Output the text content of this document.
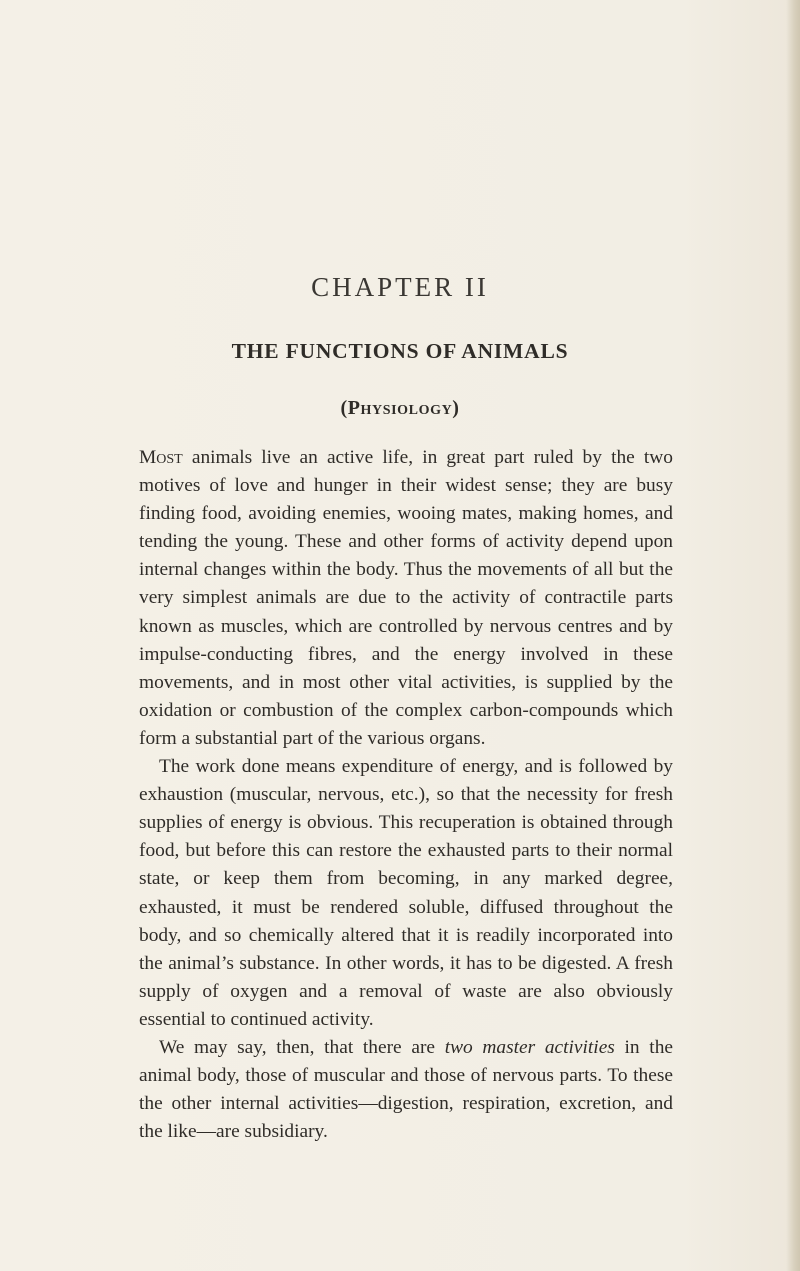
CHAPTER II
THE FUNCTIONS OF ANIMALS
(Physiology)

Most animals live an active life, in great part ruled by the two motives of love and hunger in their widest sense; they are busy finding food, avoiding enemies, wooing mates, making homes, and tending the young. These and other forms of activity depend upon internal changes within the body. Thus the movements of all but the very simplest animals are due to the activity of contractile parts known as muscles, which are controlled by nervous centres and by impulse-conducting fibres, and the energy involved in these movements, and in most other vital activities, is supplied by the oxidation or combustion of the complex carbon-compounds which form a substantial part of the various organs.

The work done means expenditure of energy, and is followed by exhaustion (muscular, nervous, etc.), so that the necessity for fresh supplies of energy is obvious. This recuperation is obtained through food, but before this can restore the exhausted parts to their normal state, or keep them from becoming, in any marked degree, exhausted, it must be rendered soluble, diffused throughout the body, and so chemically altered that it is readily incorporated into the animal’s substance. In other words, it has to be digested. A fresh supply of oxygen and a removal of waste are also obviously essential to continued activity.

We may say, then, that there are two master activities in the animal body, those of muscular and those of nervous parts. To these the other internal activities—digestion, respiration, excretion, and the like—are subsidiary.
